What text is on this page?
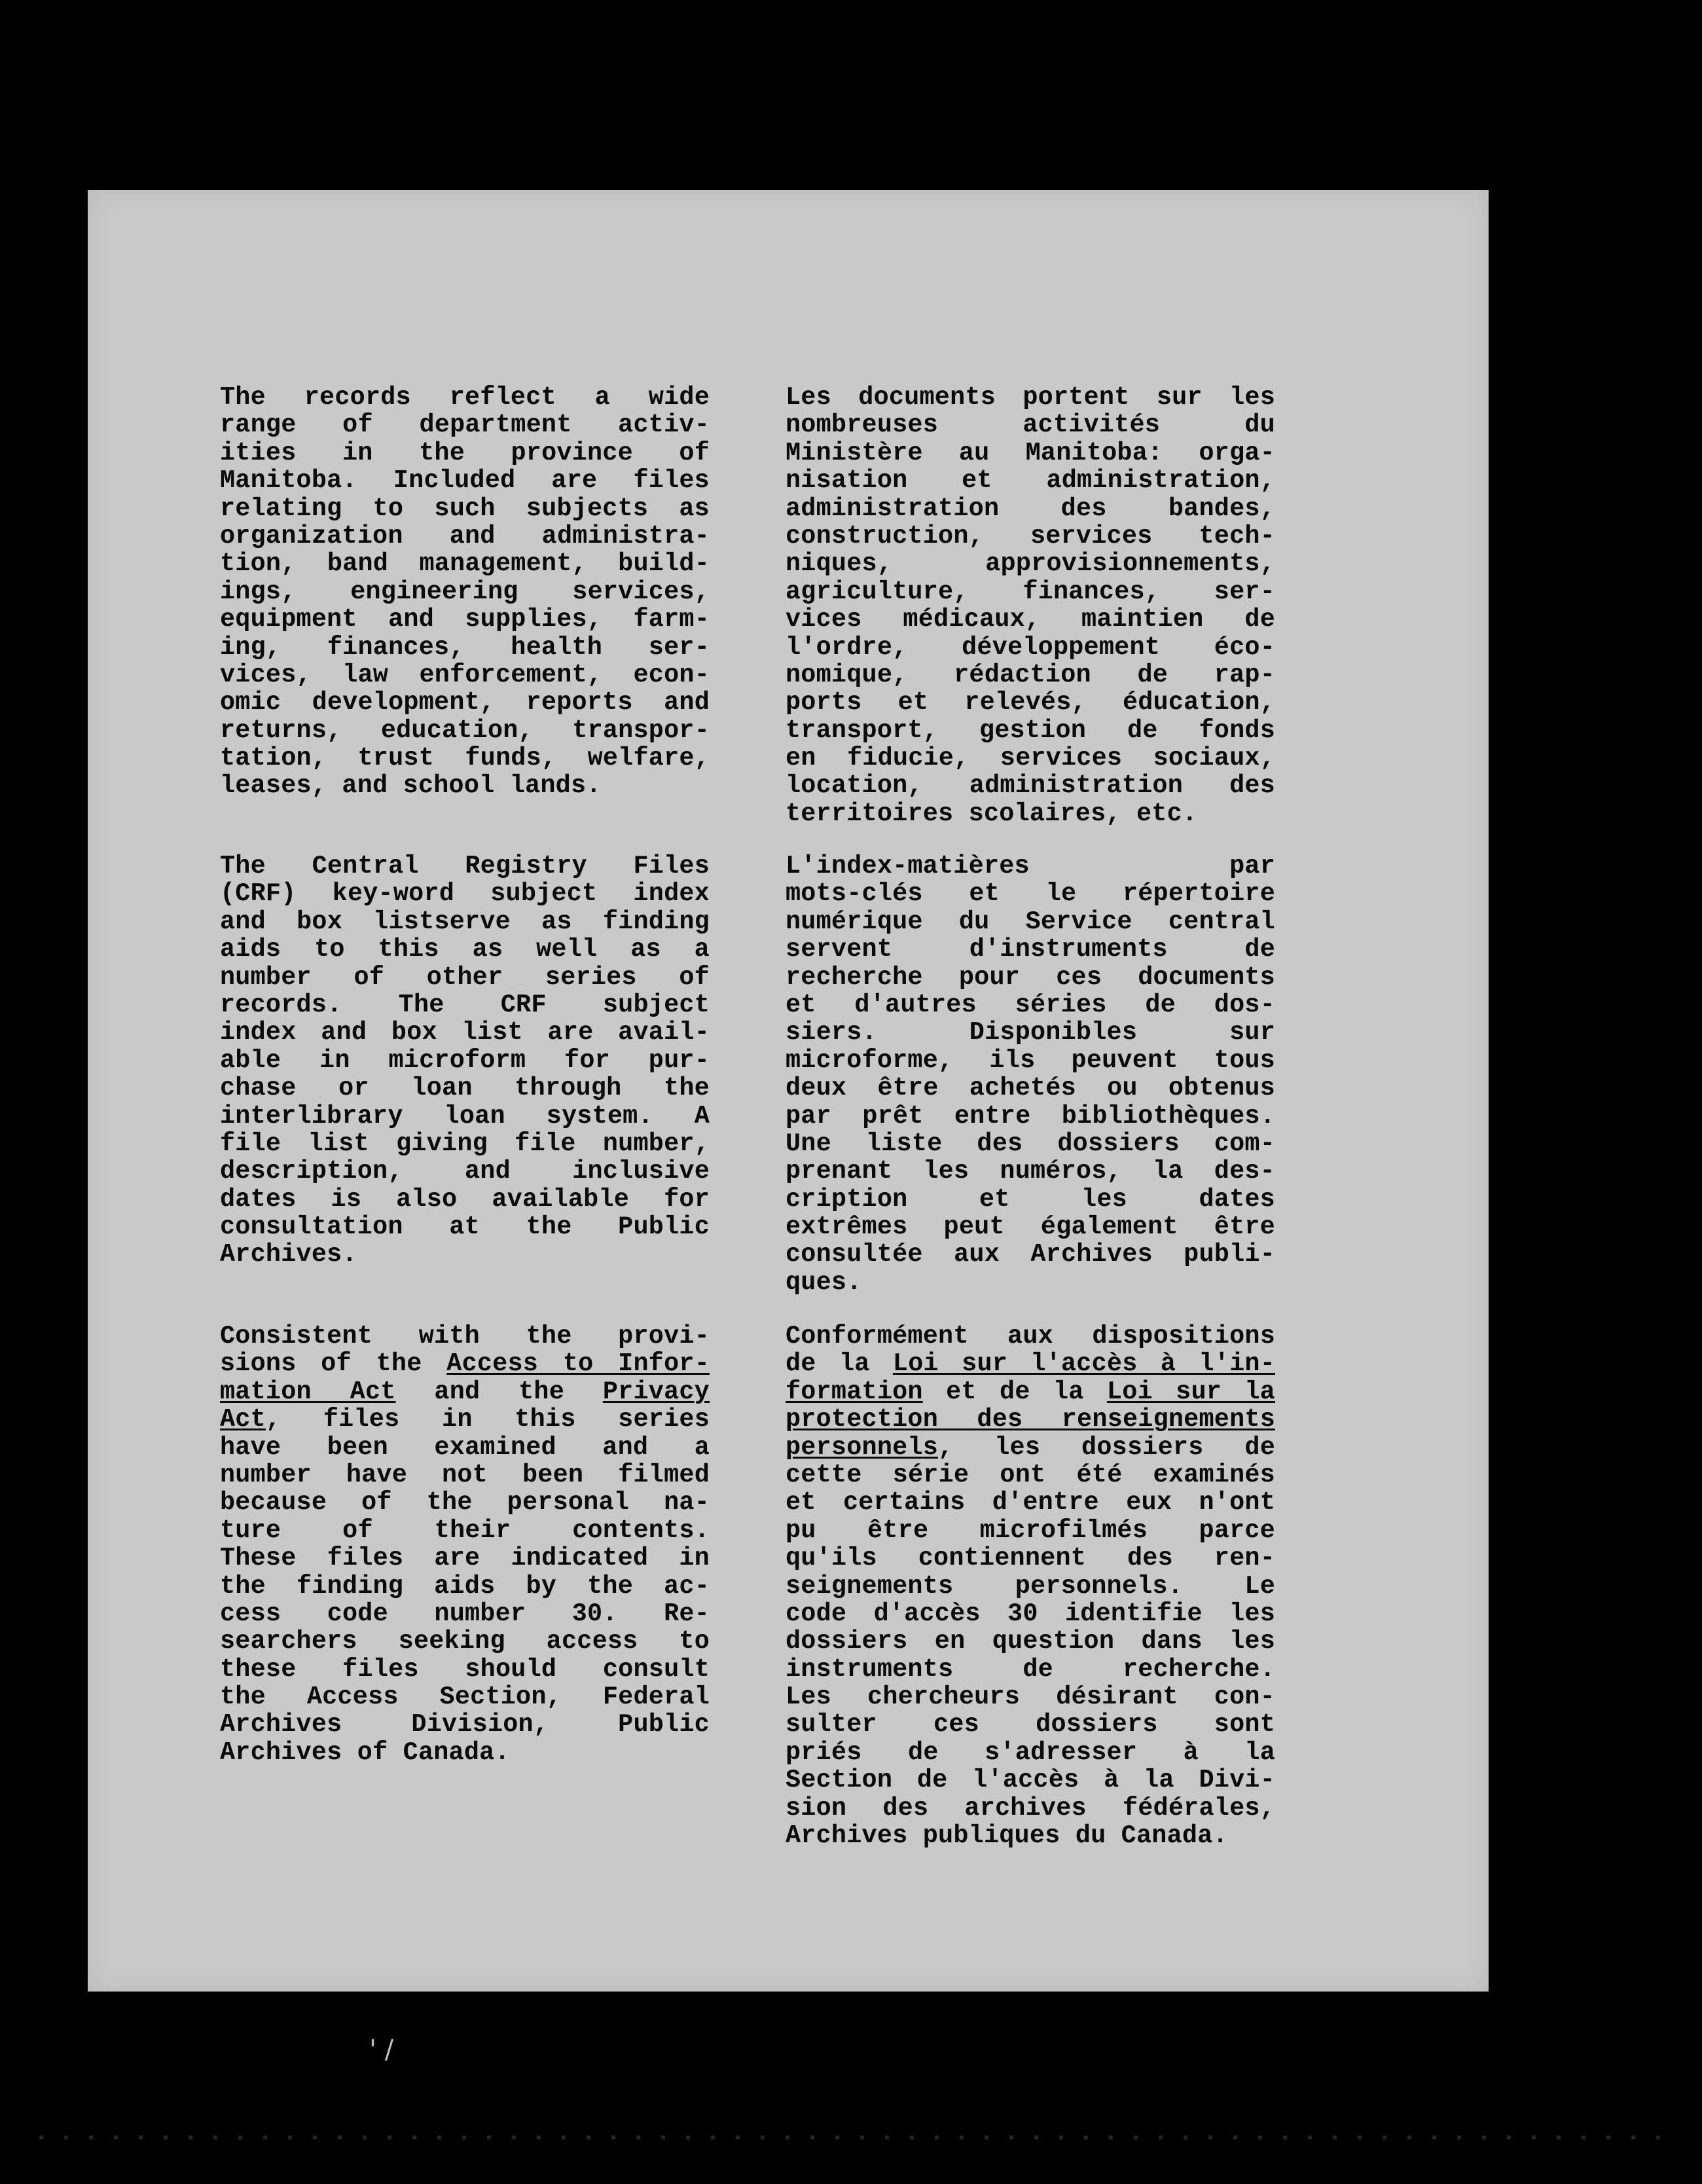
The records reflect a wide
range of department activ-
ities in the province of
Manitoba. Included are files
relating to such subjects as
organization and administra-
tion, band management, build-
ings, engineering services,
equipment and supplies, farm-
ing, finances, health ser-
vices, law enforcement, econ-
omic development, reports and
returns, education, transpor-
tation, trust funds, welfare,
leases, and school lands.
The Central Registry Files
(CRF) key-word subject index
and box listserve as finding
aids to this as well as a
number of other series of
records. The CRF subject
index and box list are avail-
able in microform for pur-
chase or loan through the
interlibrary loan system. A
file list giving file number,
description, and inclusive
dates is also available for
consultation at the Public
Archives.
Consistent with the provi-
sions of the Access to Infor-
mation Act and the Privacy
Act, files in this series
have been examined and a
number have not been filmed
because of the personal na-
ture of their contents.
These files are indicated in
the finding aids by the ac-
cess code number 30. Re-
searchers seeking access to
these files should consult
the Access Section, Federal
Archives Division, Public
Archives of Canada.
Les documents portent sur les
nombreuses activités du
Ministère au Manitoba: orga-
nisation et administration,
administration des bandes,
construction, services tech-
niques, approvisionnements,
agriculture, finances, ser-
vices médicaux, maintien de
l'ordre, développement éco-
nomique, rédaction de rap-
ports et relevés, éducation,
transport, gestion de fonds
en fiducie, services sociaux,
location, administration des
territoires scolaires, etc.
L'index-matières par
mots-clés et le répertoire
numérique du Service central
servent d'instruments de
recherche pour ces documents
et d'autres séries de dos-
siers. Disponibles sur
microforme, ils peuvent tous
deux être achetés ou obtenus
par prêt entre bibliothèques.
Une liste des dossiers com-
prenant les numéros, la des-
cription et les dates
extrêmes peut également être
consultée aux Archives publi-
ques.
Conformément aux dispositions
de la Loi sur l'accès à l'in-
formation et de la Loi sur la
protection des renseignements
personnels, les dossiers de
cette série ont été examinés
et certains d'entre eux n'ont
pu être microfilmés parce
qu'ils contiennent des ren-
seignements personnels. Le
code d'accès 30 identifie les
dossiers en question dans les
instruments de recherche.
Les chercheurs désirant con-
sulter ces dossiers sont
priés de s'adresser à la
Section de l'accès à la Divi-
sion des archives fédérales,
Archives publiques du Canada.
' /
